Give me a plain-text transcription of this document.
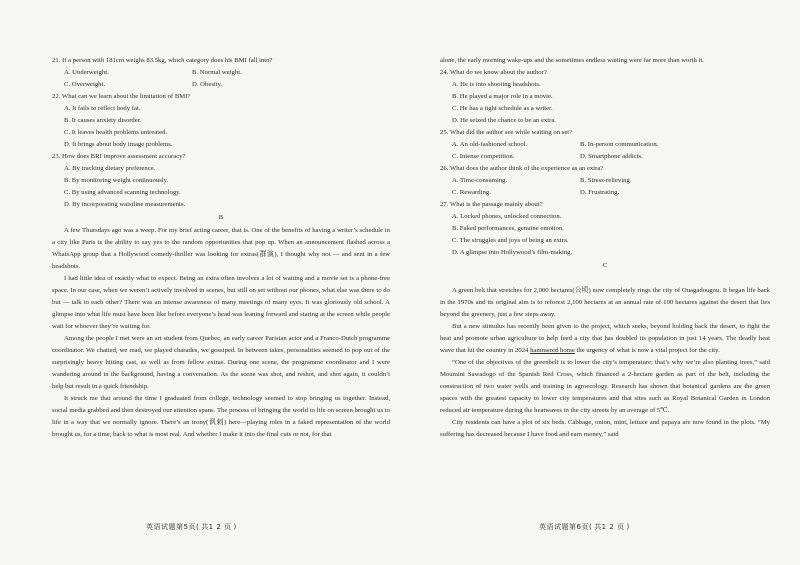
21. If a person with 181cm weighs 83.5kg, which category does his BMI fall into?

A. Underweight.	B. Normal weight.
C. Overweight.	D. Obesity.

22. What can we learn about the limitation of BMI?

A. It fails to reflect body fat.
B. It causes anxiety disorder.
C. It leaves health problems untreated.
D. It brings about body image problems.

23. How does BRI improve assessment accuracy?

A. By tracking dietary preference.
B. By monitoring weight continuously.
C. By using advanced scanning technology.
D. By incorporating waistline measurements.
B

A few Thursdays ago was a weep. For my brief acting career, that is. One of the benefits of having a writer’s schedule in a city like Paris is the ability to say yes to the random opportunities that pop up. When an announcement flashed across a WhatsApp group that a Hollywood comedy-thriller was looking for extras(群演), I thought why not — and sent in a few headshots.

I had little idea of exactly what to expect. Being an extra often involves a lot of waiting and a movie set is a phone-free space. In our case, when we weren’t actively involved in scenes, but still on set without our phones, what else was there to do but — talk to each other? There was an intense awareness of many meetings of many eyes. It was gloriously old school. A glimpse into what life must have been like before everyone’s head was leaning forward and staring at the screen while people wait for whoever they’re waiting for.

Among the people I met were an art student from Quebec, an early career Parisian actor and a Franco-Dutch programme coordinator. We chatted, we read, we played charades, we gossiped. In between takes, personalities seemed to pop out of the surprisingly heavy hitting cast, as well as from fellow extras. During one scene, the programme coordinator and I were wandering around in the background, having a conversation. As the scene was shot, and reshot, and shot again, it couldn’t help but result in a quick friendship.

It struck me that around the time I graduated from college, technology seemed to stop bringing us together. Instead, social media grabbed and then destroyed our attention spans. The process of bringing the world to life on screen brought us to life in a way that we normally ignore. There’s an irony(讽刺) here—playing roles in a faked representation of the world brought us, for a time, back to what is most real. And whether I make it into the final cuts or not, for that

英语试题第5页( 共1 2 页 )

alone, the early morning wake-ups and the sometimes endless waiting were far more than worth it.

24. What do we know about the author?

A. He is into shooting headshots.
B. He played a major role in a movie.
C. He has a tight schedule as a writer.
D. He seized the chance to be an extra.

25. What did the author see while waiting on set?

A. An old-fashioned school.	B. In-person communication.
C. Intense competition.	D. Smartphone addicts.

26. What does the author think of the experience as an extra?

A. Time-consuming.	B. Stress-relieving.
C. Rewarding.	D. Frustrating.

27. What is the passage mainly about?

A. Locked phones, unlocked connection.
B. Faked performances, genuine emotion.
C. The struggles and joys of being an extra.
D. A glimpse into Hollywood’s film-making.
C

A green belt that stretches for 2,000 hectares(公顷) now completely rings the city of Ouagadougou. It began life back in the 1970s and its original aim is to reforest 2,100 hectares at an annual rate of 100 hectares against the desert that lies beyond the greenery, just a few steps away.

But a new stimulus has recently been given to the project, which seeks, beyond holding back the desert, to fight the heat and promote urban agriculture to help feed a city that has doubled its population in just 14 years. The deadly heat wave that hit the country in 2024 hammered home the urgency of what is now a vital project for the city.

“One of the objectives of the greenbelt is to lower the city’s temperature; that’s why we’re also planting trees,” said Moumini Sawadogo of the Spanish Red Cross, which financed a 2-hectare garden as part of the belt, including the construction of two water wells and training in agroecology. Research has shown that botanical gardens are the green spaces with the greatest capacity to lower city temperatures and that sites such as Royal Botanical Garden in London reduced air temperature during the heatwaves in the city streets by an average of 5℃.

City residents can have a plot of six beds. Cabbage, onion, mint, lettuce and papaya are now found in the plots. “My suffering has decreased because I have food and earn money,” said

英语试题第6页( 共1 2 页 )
